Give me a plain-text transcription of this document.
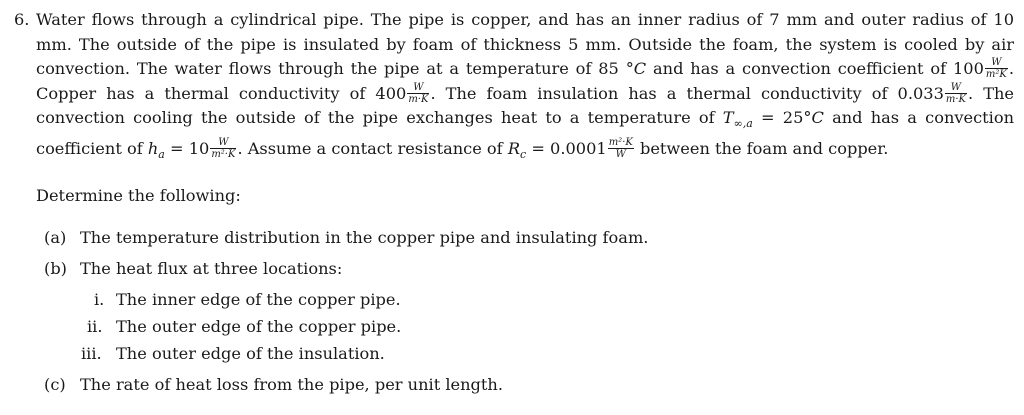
6. Water flows through a cylindrical pipe. The pipe is copper, and has an inner radius of 7 mm and outer radius of 10 mm. The outside of the pipe is insulated by foam of thickness 5 mm. Outside the foam, the system is cooled by air convection. The water flows through the pipe at a temperature of 85 °C and has a convection coefficient of $100 \frac{W}{\text{m²K}}$ . Copper has a thermal conductivity of $400 \frac{W}{m\cdot K}$ . The foam insulation has a thermal conductivity of $0.033 \frac{W}{m\cdot K}$ . The convection cooling the outside of the pipe exchanges heat to a temperature of $T_{\infty,a} = 25^\circ C$ and has a convection coefficient of $h_a = 10 \frac{W}{\text{m²·K}}$ . Assume a contact resistance of $R_c = 0.0001 \frac{\text{m²·K}}{W}$ between the foam and copper.
Determine the following:
(a) The temperature distribution in the copper pipe and insulating foam.
(b) The heat flux at three locations:
i. The inner edge of the copper pipe.
ii. The outer edge of the copper pipe.
iii. The outer edge of the insulation.
(c) The rate of heat loss from the pipe, per unit length.
